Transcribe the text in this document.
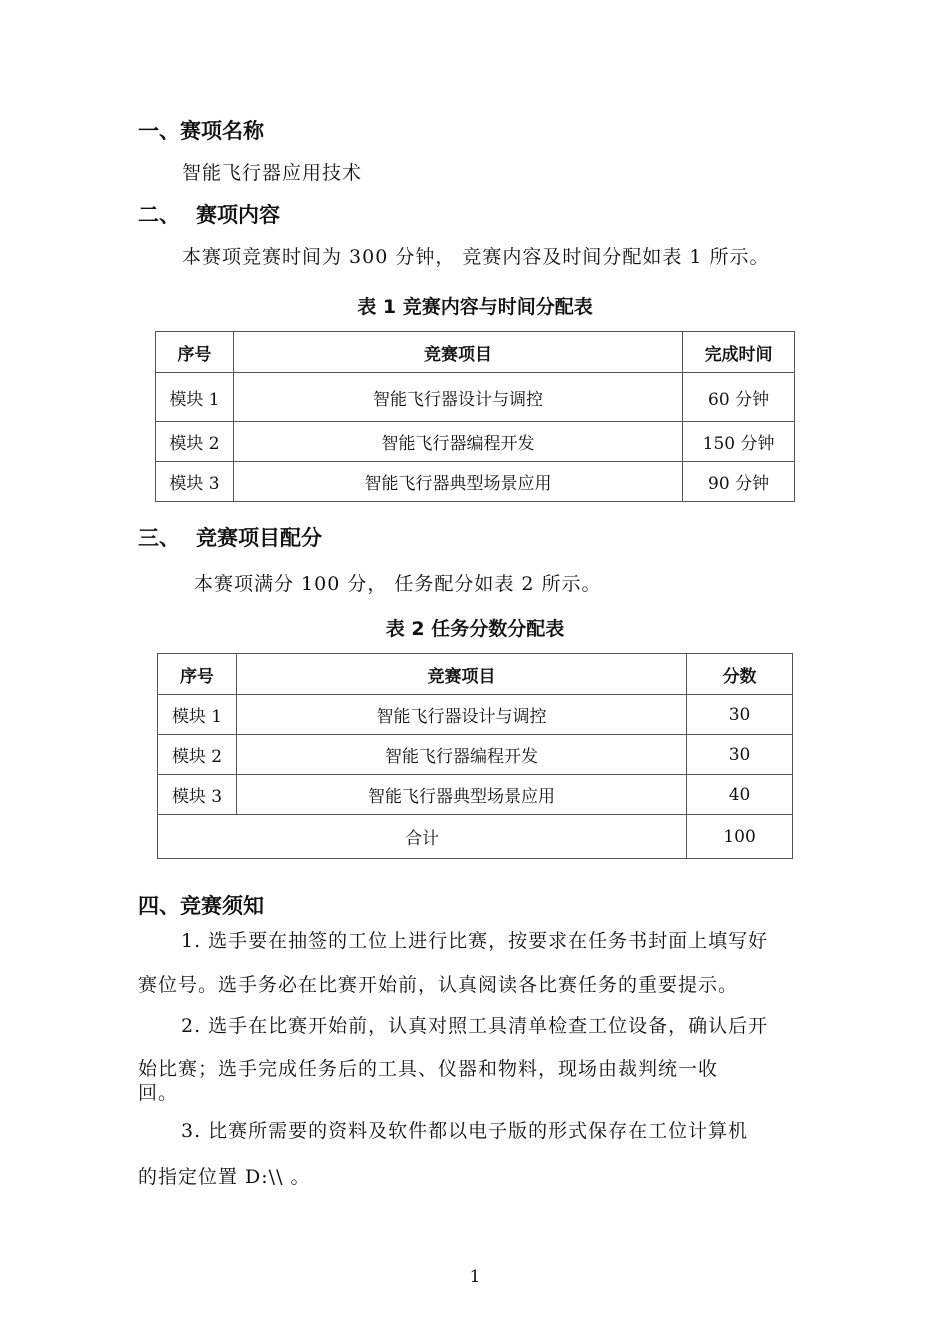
一、赛项名称
智能飞行器应用技术
二、 赛项内容
本赛项竞赛时间为 300 分钟， 竞赛内容及时间分配如表 1 所示。
表 1 竞赛内容与时间分配表
序号	竞赛项目	完成时间
模块 1	智能飞行器设计与调控	60 分钟
模块 2	智能飞行器编程开发	150 分钟
模块 3	智能飞行器典型场景应用	90 分钟
三、 竞赛项目配分
本赛项满分 100 分， 任务配分如表 2 所示。
表 2 任务分数分配表
序号	竞赛项目	分数
模块 1	智能飞行器设计与调控	30
模块 2	智能飞行器编程开发	30
模块 3	智能飞行器典型场景应用	40
合计		100
四、竞赛须知
1. 选手要在抽签的工位上进行比赛，按要求在任务书封面上填写好
赛位号。选手务必在比赛开始前，认真阅读各比赛任务的重要提示。
2. 选手在比赛开始前，认真对照工具清单检查工位设备，确认后开
始比赛；选手完成任务后的工具、仪器和物料，现场由裁判统一收
回。
3. 比赛所需要的资料及软件都以电子版的形式保存在工位计算机
的指定位置 D:\\ 。
1
